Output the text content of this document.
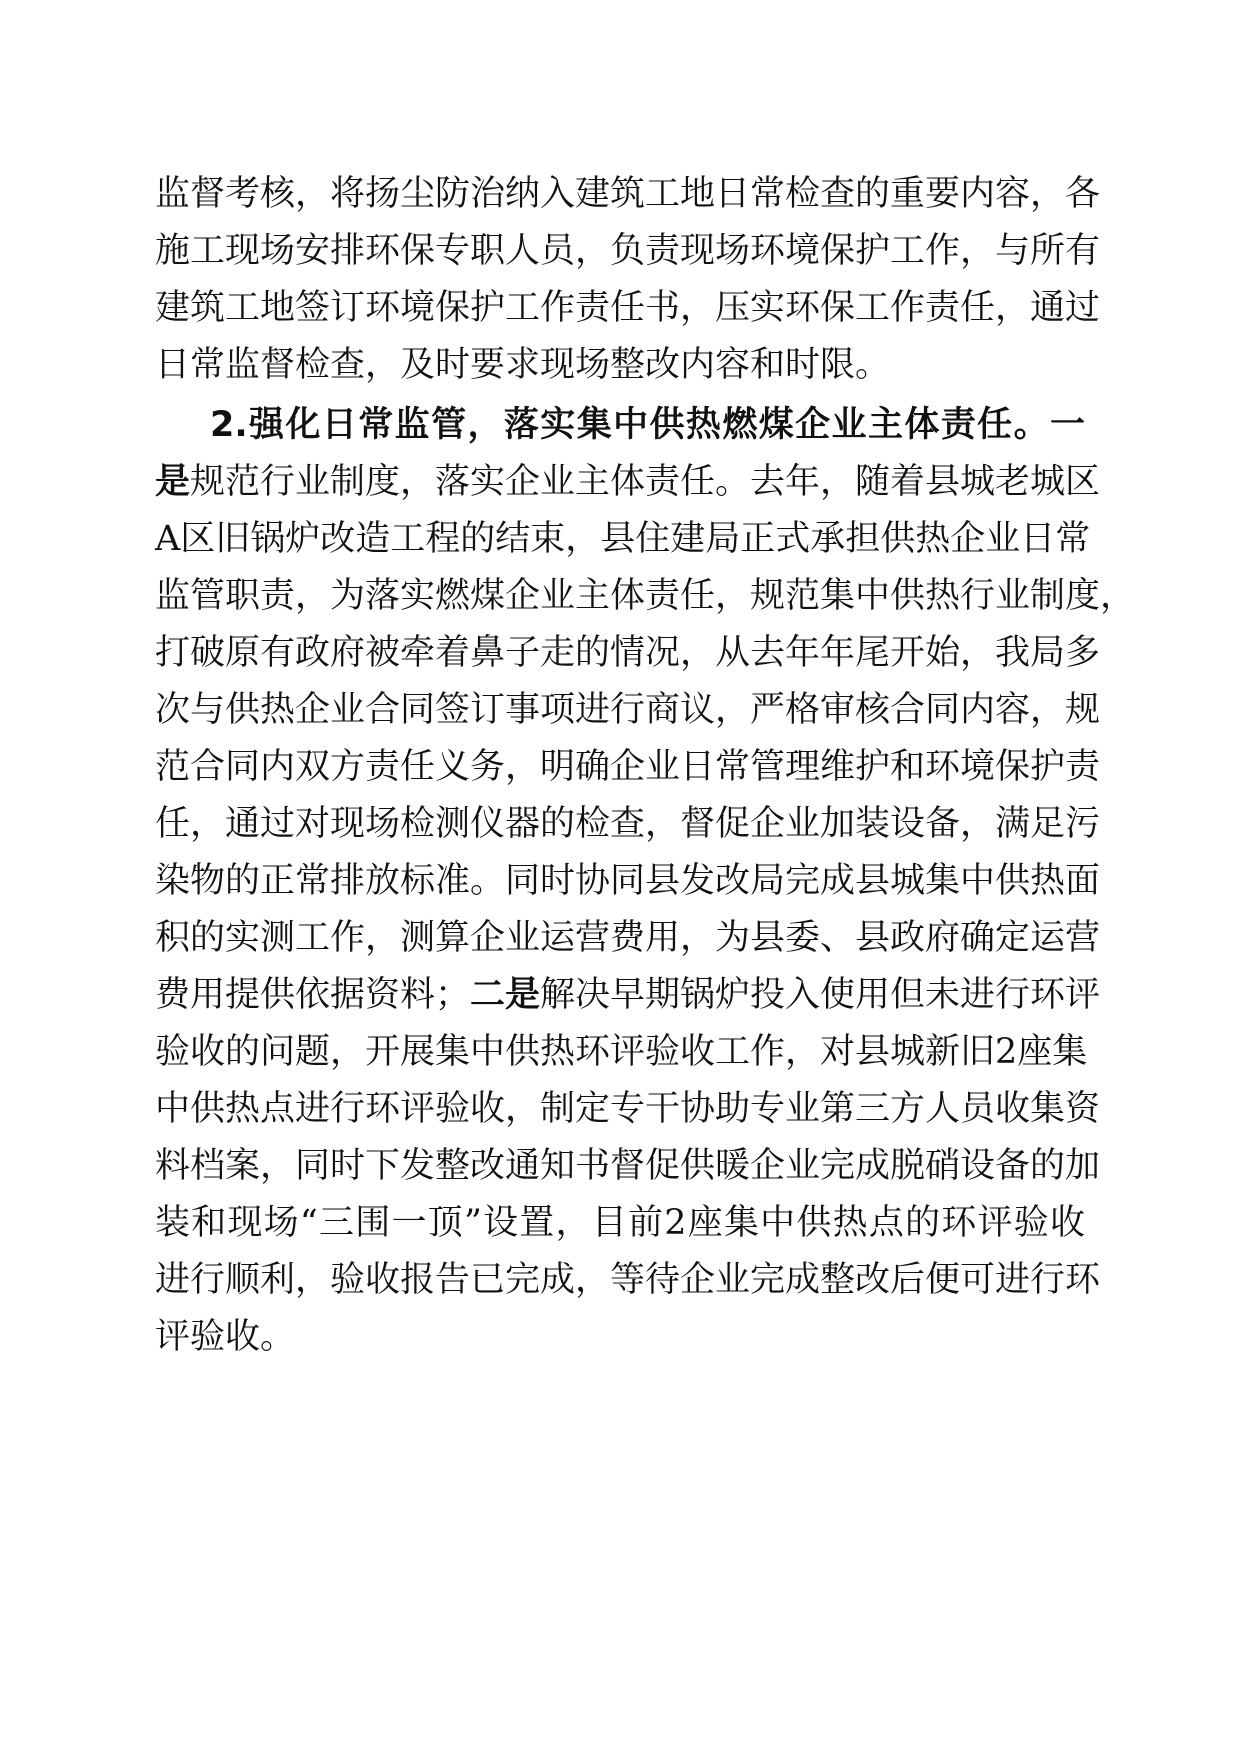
监督考核，将扬尘防治纳入建筑工地日常检查的重要内容，各
施工现场安排环保专职人员，负责现场环境保护工作，与所有
建筑工地签订环境保护工作责任书，压实环保工作责任，通过
日常监督检查，及时要求现场整改内容和时限。
2.强化日常监管，落实集中供热燃煤企业主体责任。一
是规范行业制度，落实企业主体责任。去年，随着县城老城区
A区旧锅炉改造工程的结束，县住建局正式承担供热企业日常
监管职责，为落实燃煤企业主体责任，规范集中供热行业制度，
打破原有政府被牵着鼻子走的情况，从去年年尾开始，我局多
次与供热企业合同签订事项进行商议，严格审核合同内容，规
范合同内双方责任义务，明确企业日常管理维护和环境保护责
任，通过对现场检测仪器的检查，督促企业加装设备，满足污
染物的正常排放标准。同时协同县发改局完成县城集中供热面
积的实测工作，测算企业运营费用，为县委、县政府确定运营
费用提供依据资料；二是解决早期锅炉投入使用但未进行环评
验收的问题，开展集中供热环评验收工作，对县城新旧2座集
中供热点进行环评验收，制定专干协助专业第三方人员收集资
料档案，同时下发整改通知书督促供暖企业完成脱硝设备的加
装和现场“三围一顶”设置，目前2座集中供热点的环评验收
进行顺利，验收报告已完成，等待企业完成整改后便可进行环
评验收。
